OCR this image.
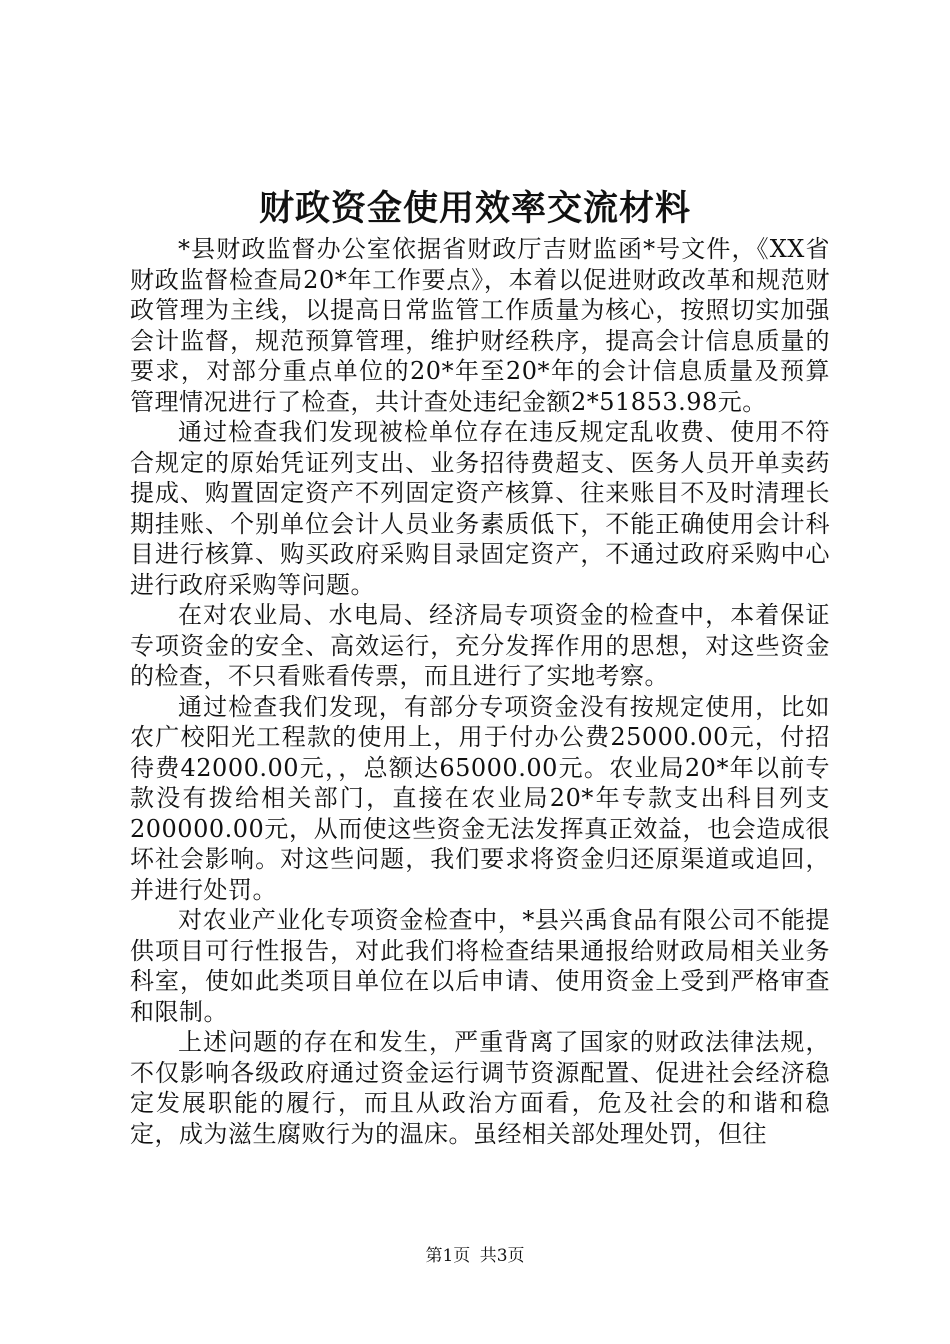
财政资金使用效率交流材料

*县财政监督办公室依据省财政厅吉财监函*号文件，《XX省财政监督检查局20*年工作要点》，本着以促进财政改革和规范财政管理为主线，以提高日常监管工作质量为核心，按照切实加强会计监督，规范预算管理，维护财经秩序，提高会计信息质量的要求，对部分重点单位的20*年至20*年的会计信息质量及预算管理情况进行了检查，共计查处违纪金额2*51853.98元。

通过检查我们发现被检单位存在违反规定乱收费、使用不符合规定的原始凭证列支出、业务招待费超支、医务人员开单卖药提成、购置固定资产不列固定资产核算、往来账目不及时清理长期挂账、个别单位会计人员业务素质低下，不能正确使用会计科目进行核算、购买政府采购目录固定资产，不通过政府采购中心进行政府采购等问题。

在对农业局、水电局、经济局专项资金的检查中，本着保证专项资金的安全、高效运行，充分发挥作用的思想，对这些资金的检查，不只看账看传票，而且进行了实地考察。

通过检查我们发现，有部分专项资金没有按规定使用，比如农广校阳光工程款的使用上，用于付办公费25000.00元，付招待费42000.00元，，总额达65000.00元。农业局20*年以前专款没有拨给相关部门，直接在农业局20*年专款支出科目列支200000.00元，从而使这些资金无法发挥真正效益，也会造成很坏社会影响。对这些问题，我们要求将资金归还原渠道或追回，并进行处罚。

对农业产业化专项资金检查中，*县兴禹食品有限公司不能提供项目可行性报告，对此我们将检查结果通报给财政局相关业务科室，使如此类项目单位在以后申请、使用资金上受到严格审查和限制。

上述问题的存在和发生，严重背离了国家的财政法律法规，不仅影响各级政府通过资金运行调节资源配置、促进社会经济稳定发展职能的履行，而且从政治方面看，危及社会的和谐和稳定，成为滋生腐败行为的温床。虽经相关部处理处罚，但往

第1页 共3页
